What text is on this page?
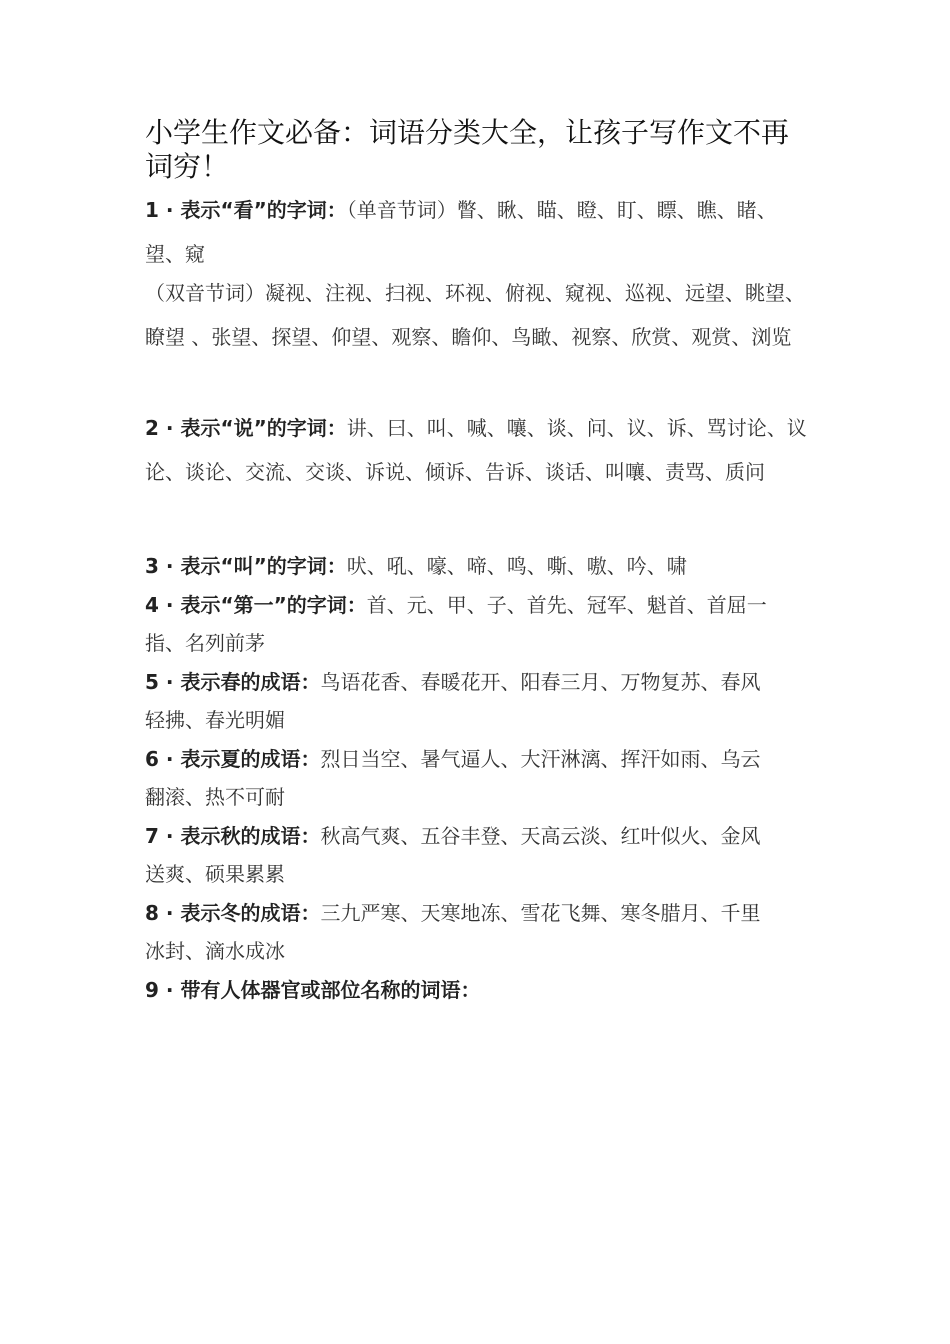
小学生作文必备：词语分类大全，让孩子写作文不再词穷！

1 · 表示“看”的字词：（单音节词）瞥、瞅、瞄、瞪、盯、瞟、瞧、睹、望、窥

（双音节词）凝视、注视、扫视、环视、俯视、窥视、巡视、远望、眺望、瞭望 、张望、探望、仰望、观察、瞻仰、鸟瞰、视察、欣赏、观赏、浏览

2 · 表示“说”的字词：讲、曰、叫、喊、嚷、谈、问、议、诉、骂讨论、议论、谈论、交流、交谈、诉说、倾诉、告诉、谈话、叫嚷、责骂、质问

3 · 表示“叫”的字词：吠、吼、嚎、啼、鸣、嘶、嗷、吟、啸

4 · 表示“第一”的字词：首、元、甲、子、首先、冠军、魁首、首屈一指、名列前茅

5 · 表示春的成语：鸟语花香、春暖花开、阳春三月、万物复苏、春风轻拂、春光明媚

6 · 表示夏的成语：烈日当空、暑气逼人、大汗淋漓、挥汗如雨、乌云翻滚、热不可耐

7 · 表示秋的成语：秋高气爽、五谷丰登、天高云淡、红叶似火、金风送爽、硕果累累

8 · 表示冬的成语：三九严寒、天寒地冻、雪花飞舞、寒冬腊月、千里冰封、滴水成冰

9 · 带有人体器官或部位名称的词语：
